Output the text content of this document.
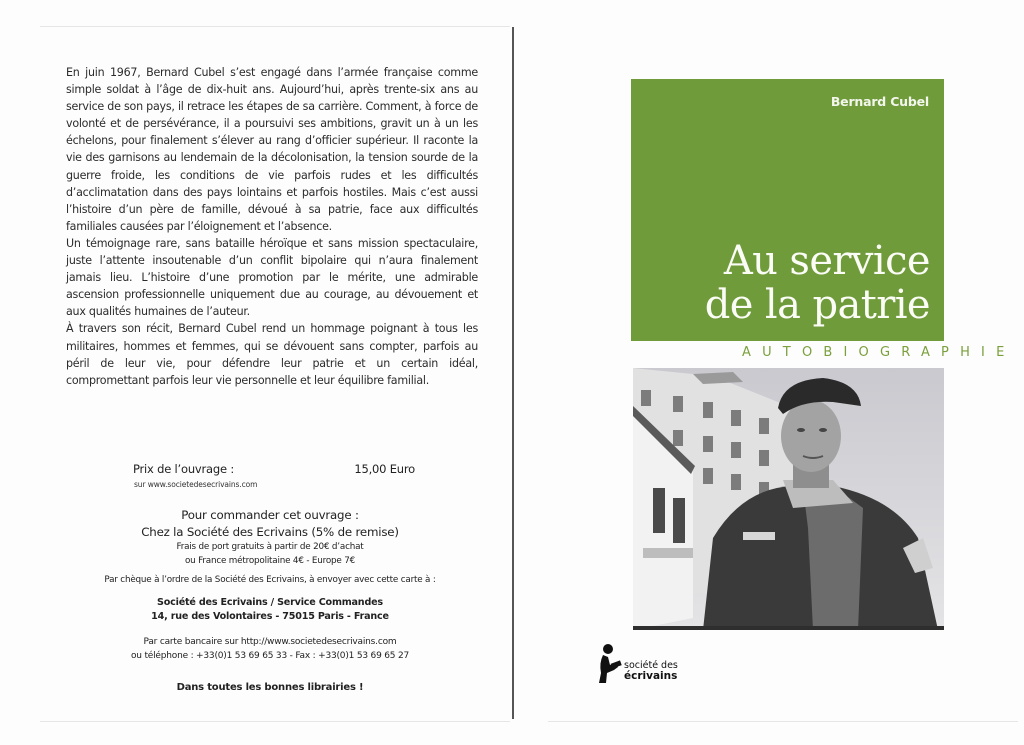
En juin 1967, Bernard Cubel s’est engagé dans l’armée française comme simple soldat à l’âge de dix-huit ans. Aujourd’hui, après trente-six ans au service de son pays, il retrace les étapes de sa carrière. Comment, à force de volonté et de persévérance, il a poursuivi ses ambitions, gravit un à un les échelons, pour finalement s’élever au rang d’officier supérieur. Il raconte la vie des garnisons au lendemain de la décolonisation, la tension sourde de la guerre froide, les conditions de vie parfois rudes et les difficultés d’acclimatation dans des pays lointains et parfois hostiles. Mais c’est aussi l’histoire d’un père de famille, dévoué à sa patrie, face aux difficultés familiales causées par l’éloignement et l’absence.

Un témoignage rare, sans bataille héroïque et sans mission spectaculaire, juste l’attente insoutenable d’un conflit bipolaire qui n’aura finalement jamais lieu. L’histoire d’une promotion par le mérite, une admirable ascension professionnelle uniquement due au courage, au dévouement et aux qualités humaines de l’auteur.

À travers son récit, Bernard Cubel rend un hommage poignant à tous les militaires, hommes et femmes, qui se dévouent sans compter, parfois au péril de leur vie, pour défendre leur patrie et un certain idéal, compromettant parfois leur vie personnelle et leur équilibre familial.

Prix de l’ouvrage :	15,00 Euro
sur www.societedesecrivains.com
Pour commander cet ouvrage :
Chez la Société des Ecrivains (5% de remise)
Frais de port gratuits à partir de 20€ d’achat
ou France métropolitaine 4€ - Europe 7€
Par chèque à l’ordre de la Société des Ecrivains, à envoyer avec cette carte à :
Société des Ecrivains / Service Commandes
14, rue des Volontaires - 75015 Paris - France
Par carte bancaire sur http://www.societedesecrivains.com
ou téléphone : +33(0)1 53 69 65 33 - Fax : +33(0)1 53 69 65 27
Dans toutes les bonnes librairies !
Bernard Cubel
Au service
de la patrie
AUTOBIOGRAPHIE
société des
écrivains
